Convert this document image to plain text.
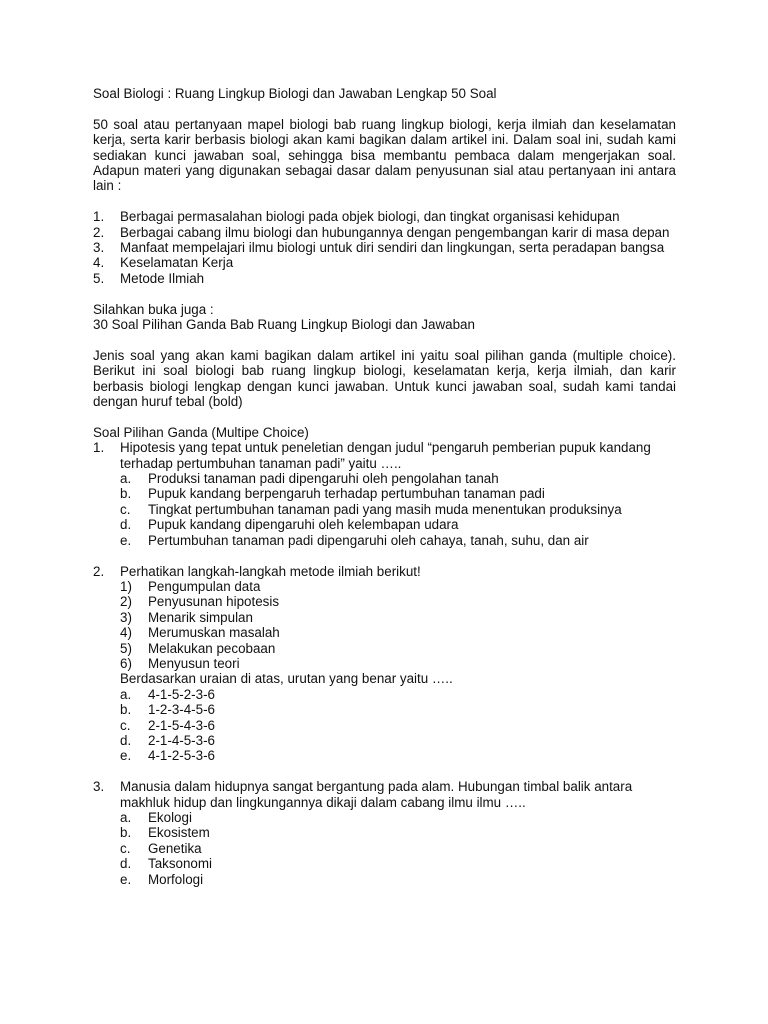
Soal Biologi : Ruang Lingkup Biologi dan Jawaban Lengkap 50 Soal

50 soal atau pertanyaan mapel biologi bab ruang lingkup biologi, kerja ilmiah dan keselamatan kerja, serta karir berbasis biologi akan kami bagikan dalam artikel ini. Dalam soal ini, sudah kami sediakan kunci jawaban soal, sehingga bisa membantu pembaca dalam mengerjakan soal. Adapun materi yang digunakan sebagai dasar dalam penyusunan sial atau pertanyaan ini antara lain :

1.	Berbagai permasalahan biologi pada objek biologi, dan tingkat organisasi kehidupan
2.	Berbagai cabang ilmu biologi dan hubungannya dengan pengembangan karir di masa depan
3.	Manfaat mempelajari ilmu biologi untuk diri sendiri dan lingkungan, serta peradapan bangsa
4.	Keselamatan Kerja
5.	Metode Ilmiah

Silahkan buka juga :

30 Soal Pilihan Ganda Bab Ruang Lingkup Biologi dan Jawaban

Jenis soal yang akan kami bagikan dalam artikel ini yaitu soal pilihan ganda (multiple choice). Berikut ini soal biologi bab ruang lingkup biologi, keselamatan kerja, kerja ilmiah, dan karir berbasis biologi lengkap dengan kunci jawaban. Untuk kunci jawaban soal, sudah kami tandai dengan huruf tebal (bold)

Soal Pilihan Ganda (Multipe Choice)

1.	Hipotesis yang tepat untuk peneletian dengan judul “pengaruh pemberian pupuk kandang terhadap pertumbuhan tanaman padi” yaitu …..
a.	Produksi tanaman padi dipengaruhi oleh pengolahan tanah
b.	Pupuk kandang berpengaruh terhadap pertumbuhan tanaman padi
c.	Tingkat pertumbuhan tanaman padi yang masih muda menentukan produksinya
d.	Pupuk kandang dipengaruhi oleh kelembapan udara
e.	Pertumbuhan tanaman padi dipengaruhi oleh cahaya, tanah, suhu, dan air
2.	Perhatikan langkah-langkah metode ilmiah berikut!
1)	Pengumpulan data
2)	Penyusunan hipotesis
3)	Menarik simpulan
4)	Merumuskan masalah
5)	Melakukan pecobaan
6)	Menyusun teori

Berdasarkan uraian di atas, urutan yang benar yaitu …..

a.	4-1-5-2-3-6
b.	1-2-3-4-5-6
c.	2-1-5-4-3-6
d.	2-1-4-5-3-6
e.	4-1-2-5-3-6
3.	Manusia dalam hidupnya sangat bergantung pada alam. Hubungan timbal balik antara makhluk hidup dan lingkungannya dikaji dalam cabang ilmu ilmu …..
a.	Ekologi
b.	Ekosistem
c.	Genetika
d.	Taksonomi
e.	Morfologi
